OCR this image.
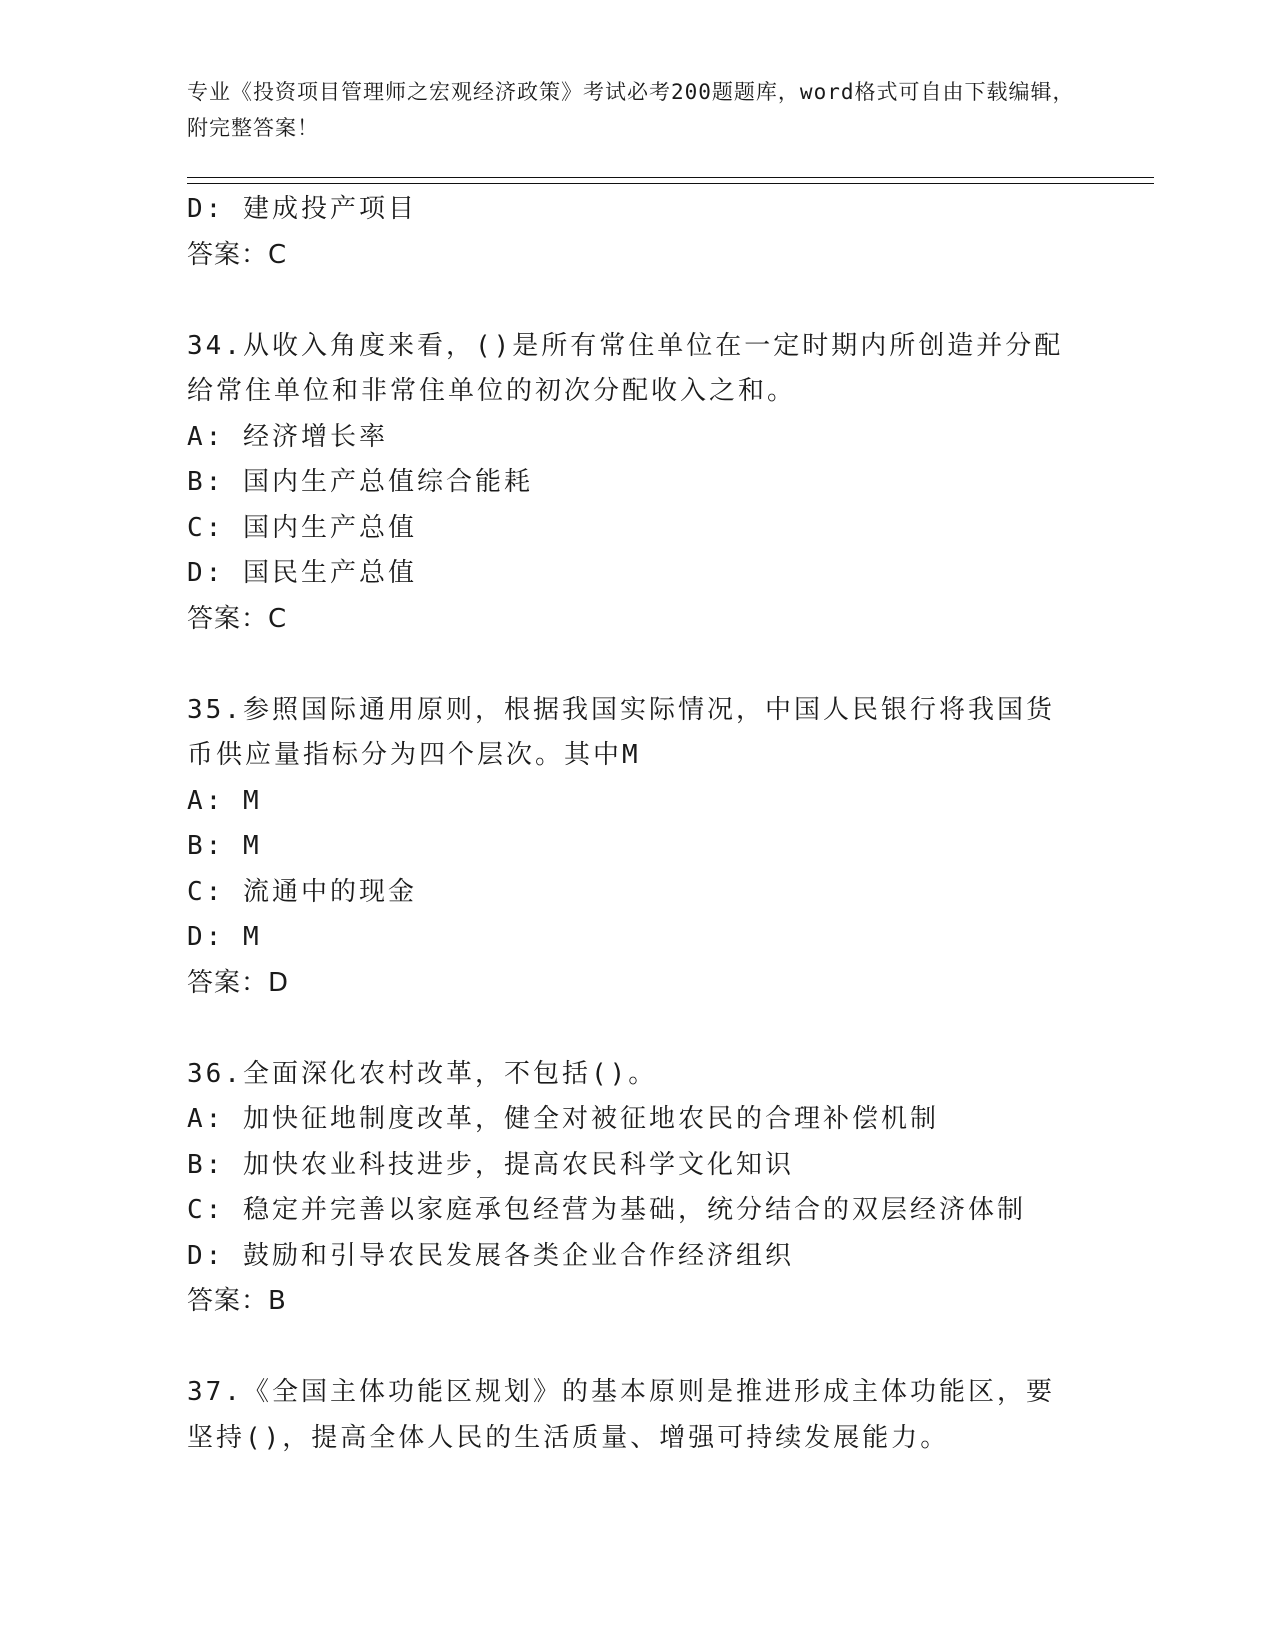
专业《投资项目管理师之宏观经济政策》考试必考200题题库，word格式可自由下载编辑，附完整答案！
D: 建成投产项目
答案：C
34.从收入角度来看，()是所有常住单位在一定时期内所创造并分配给常住单位和非常住单位的初次分配收入之和。
A: 经济增长率
B: 国内生产总值综合能耗
C: 国内生产总值
D: 国民生产总值
答案：C
35.参照国际通用原则，根据我国实际情况，中国人民银行将我国货币供应量指标分为四个层次。其中M
A: M
B: M
C: 流通中的现金
D: M
答案：D
36.全面深化农村改革，不包括()。
A: 加快征地制度改革，健全对被征地农民的合理补偿机制
B: 加快农业科技进步，提高农民科学文化知识
C: 稳定并完善以家庭承包经营为基础，统分结合的双层经济体制
D: 鼓励和引导农民发展各类企业合作经济组织
答案：B
37.《全国主体功能区规划》的基本原则是推进形成主体功能区，要坚持()，提高全体人民的生活质量、增强可持续发展能力。
